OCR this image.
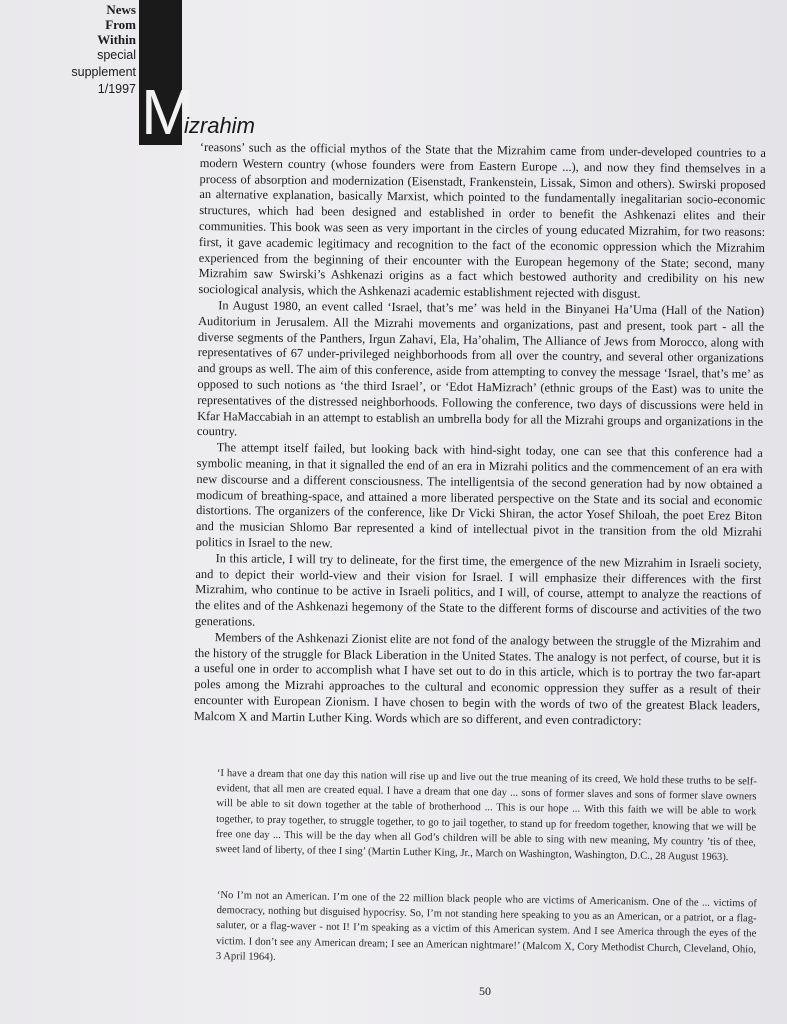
News
From
Within
special
supplement
1/1997 M
izrahim

‘reasons’ such as the official mythos of the State that the Mizrahim came from under-developed countries to a modern Western country (whose founders were from Eastern Europe ...), and now they find themselves in a process of absorption and modernization (Eisenstadt, Frankenstein, Lissak, Simon and others). Swirski proposed an alternative explanation, basically Marxist, which pointed to the fundamentally inegalitarian socio-economic structures, which had been designed and established in order to benefit the Ashkenazi elites and their communities. This book was seen as very important in the circles of young educated Mizrahim, for two reasons: first, it gave academic legitimacy and recognition to the fact of the economic oppression which the Mizrahim experienced from the beginning of their encounter with the European hegemony of the State; second, many Mizrahim saw Swirski’s Ashkenazi origins as a fact which bestowed authority and credibility on his new sociological analysis, which the Ashkenazi academic establishment rejected with disgust.

In August 1980, an event called ‘Israel, that’s me’ was held in the Binyanei Ha’Uma (Hall of the Nation) Auditorium in Jerusalem. All the Mizrahi movements and organizations, past and present, took part - all the diverse segments of the Panthers, Irgun Zahavi, Ela, Ha’ohalim, The Alliance of Jews from Morocco, along with representatives of 67 under-privileged neighborhoods from all over the country, and several other organizations and groups as well. The aim of this conference, aside from attempting to convey the message ‘Israel, that’s me’ as opposed to such notions as ‘the third Israel’, or ‘Edot HaMizrach’ (ethnic groups of the East) was to unite the representatives of the distressed neighborhoods. Following the conference, two days of discussions were held in Kfar HaMaccabiah in an attempt to establish an umbrella body for all the Mizrahi groups and organizations in the country.

The attempt itself failed, but looking back with hind-sight today, one can see that this conference had a symbolic meaning, in that it signalled the end of an era in Mizrahi politics and the commencement of an era with new discourse and a different consciousness. The intelligentsia of the second generation had by now obtained a modicum of breathing-space, and attained a more liberated perspective on the State and its social and economic distortions. The organizers of the conference, like Dr Vicki Shiran, the actor Yosef Shiloah, the poet Erez Biton and the musician Shlomo Bar represented a kind of intellectual pivot in the transition from the old Mizrahi politics in Israel to the new.

In this article, I will try to delineate, for the first time, the emergence of the new Mizrahim in Israeli society, and to depict their world-view and their vision for Israel. I will emphasize their differences with the first Mizrahim, who continue to be active in Israeli politics, and I will, of course, attempt to analyze the reactions of the elites and of the Ashkenazi hegemony of the State to the different forms of discourse and activities of the two generations.

Members of the Ashkenazi Zionist elite are not fond of the analogy between the struggle of the Mizrahim and the history of the struggle for Black Liberation in the United States. The analogy is not perfect, of course, but it is a useful one in order to accomplish what I have set out to do in this article, which is to portray the two far-apart poles among the Mizrahi approaches to the cultural and economic oppression they suffer as a result of their encounter with European Zionism. I have chosen to begin with the words of two of the greatest Black leaders, Malcom X and Martin Luther King. Words which are so different, and even contradictory:

‘I have a dream that one day this nation will rise up and live out the true meaning of its creed, We hold these truths to be self-evident, that all men are created equal. I have a dream that one day ... sons of former slaves and sons of former slave owners will be able to sit down together at the table of brotherhood ... This is our hope ... With this faith we will be able to work together, to pray together, to struggle together, to go to jail together, to stand up for freedom together, knowing that we will be free one day ... This will be the day when all God’s children will be able to sing with new meaning, My country ’tis of thee, sweet land of liberty, of thee I sing’ (Martin Luther King, Jr., March on Washington, Washington, D.C., 28 August 1963).
‘No I’m not an American. I’m one of the 22 million black people who are victims of Americanism. One of the ... victims of democracy, nothing but disguised hypocrisy. So, I’m not standing here speaking to you as an American, or a patriot, or a flag-saluter, or a flag-waver - not I! I’m speaking as a victim of this American system. And I see America through the eyes of the victim. I don’t see any American dream; I see an American nightmare!’ (Malcom X, Cory Methodist Church, Cleveland, Ohio, 3 April 1964).
50
